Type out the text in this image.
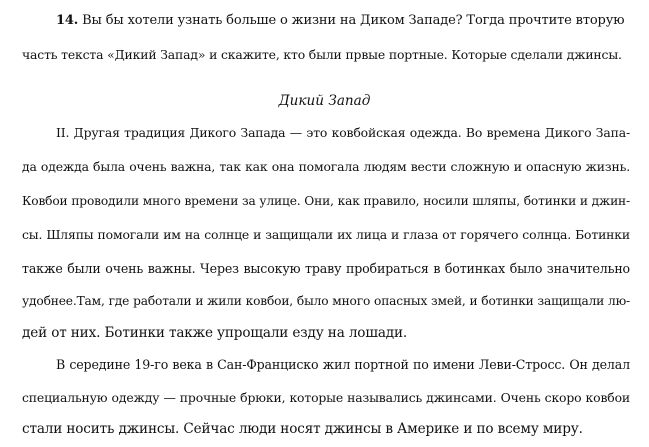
14. Вы бы хотели узнать больше о жизни на Диком Западе? Тогда прочтите вторую
часть текста «Дикий Запад» и скажите, кто были првые портные. Которые сделали джинсы.
Дикий Запад
II. Другая традиция Дикого Запада — это ковбойская одежда. Во времена Дикого Запа-
да одежда была очень важна, так как она помогала людям вести сложную и опасную жизнь.
Ковбои проводили много времени за улице. Они, как правило, носили шляпы, ботинки и джин-
сы. Шляпы помогали им на солнце и защищали их лица и глаза от горячего солнца. Ботинки
также были очень важны. Через высокую траву пробираться в ботинках было значительно
удобнее.Там, где работали и жили ковбои, было много опасных змей, и ботинки защищали лю-
дей от них. Ботинки также упрощали езду на лошади.
В середине 19-го века в Сан-Франциско жил портной по имени Леви-Стросс. Он делал
специальную одежду — прочные брюки, которые назывались джинсами. Очень скоро ковбои
стали носить джинсы. Сейчас люди носят джинсы в Америке и по всему миру.
